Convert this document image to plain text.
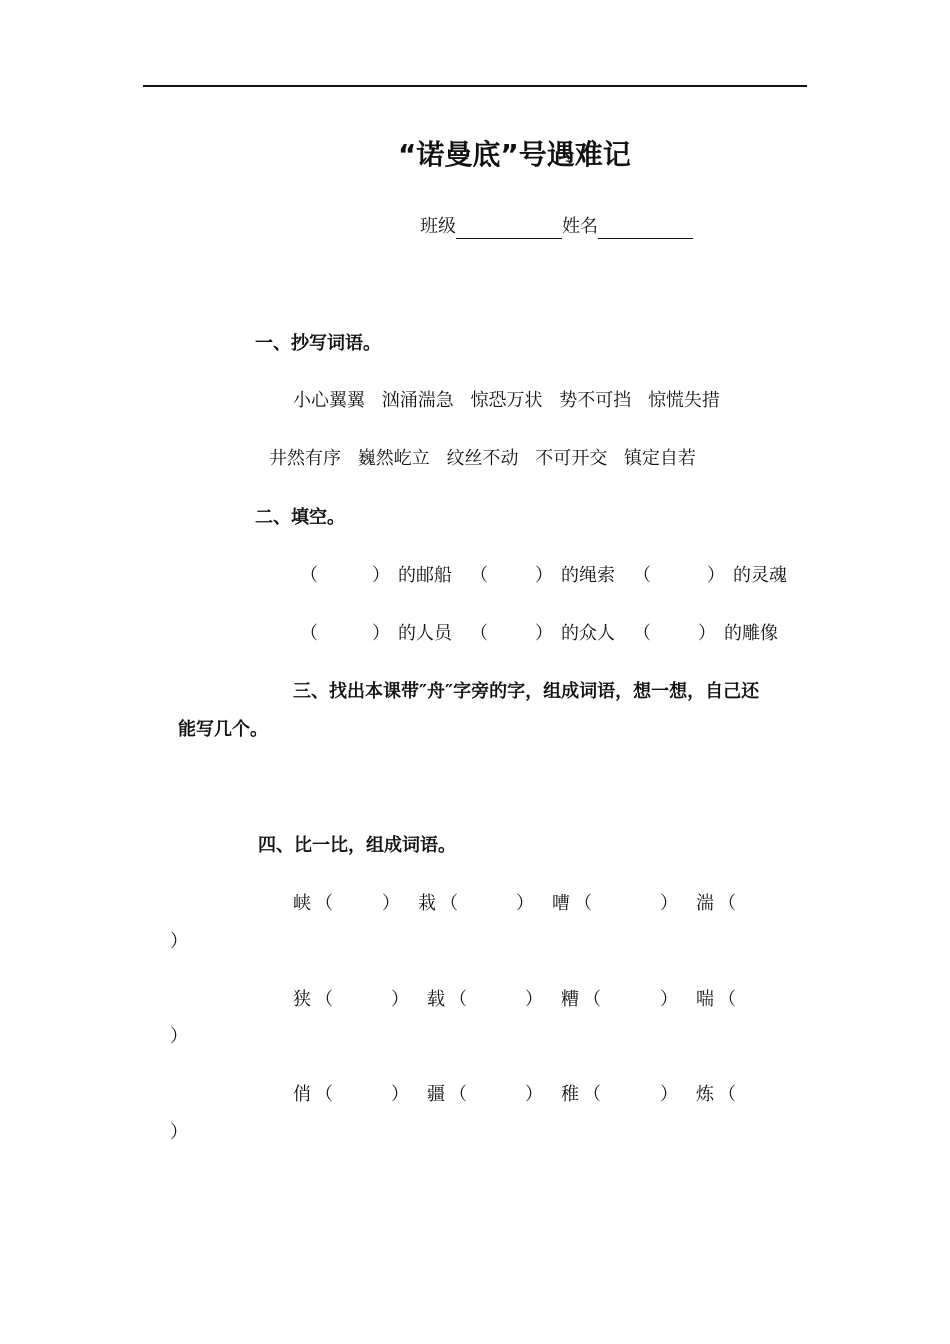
“诺曼底”号遇难记
班级	姓名
一、抄写词语。
小心翼翼 汹涌湍急 惊恐万状 势不可挡 惊慌失措
井然有序 巍然屹立 纹丝不动 不可开交 镇定自若
二、填空。
（	） 的邮船 （	） 的绳索 （	） 的灵魂
（	） 的人员 （	） 的众人 （	） 的雕像
三、找出本课带″舟″字旁的字，组成词语，想一想，自己还
能写几个。
四、比一比，组成词语。
峡 （	） 栽 （	） 嘈 （	） 湍 （
）
狭 （	） 载 （	） 糟 （	） 喘 （
）
俏 （	） 疆 （	） 稚 （	） 炼 （
）
